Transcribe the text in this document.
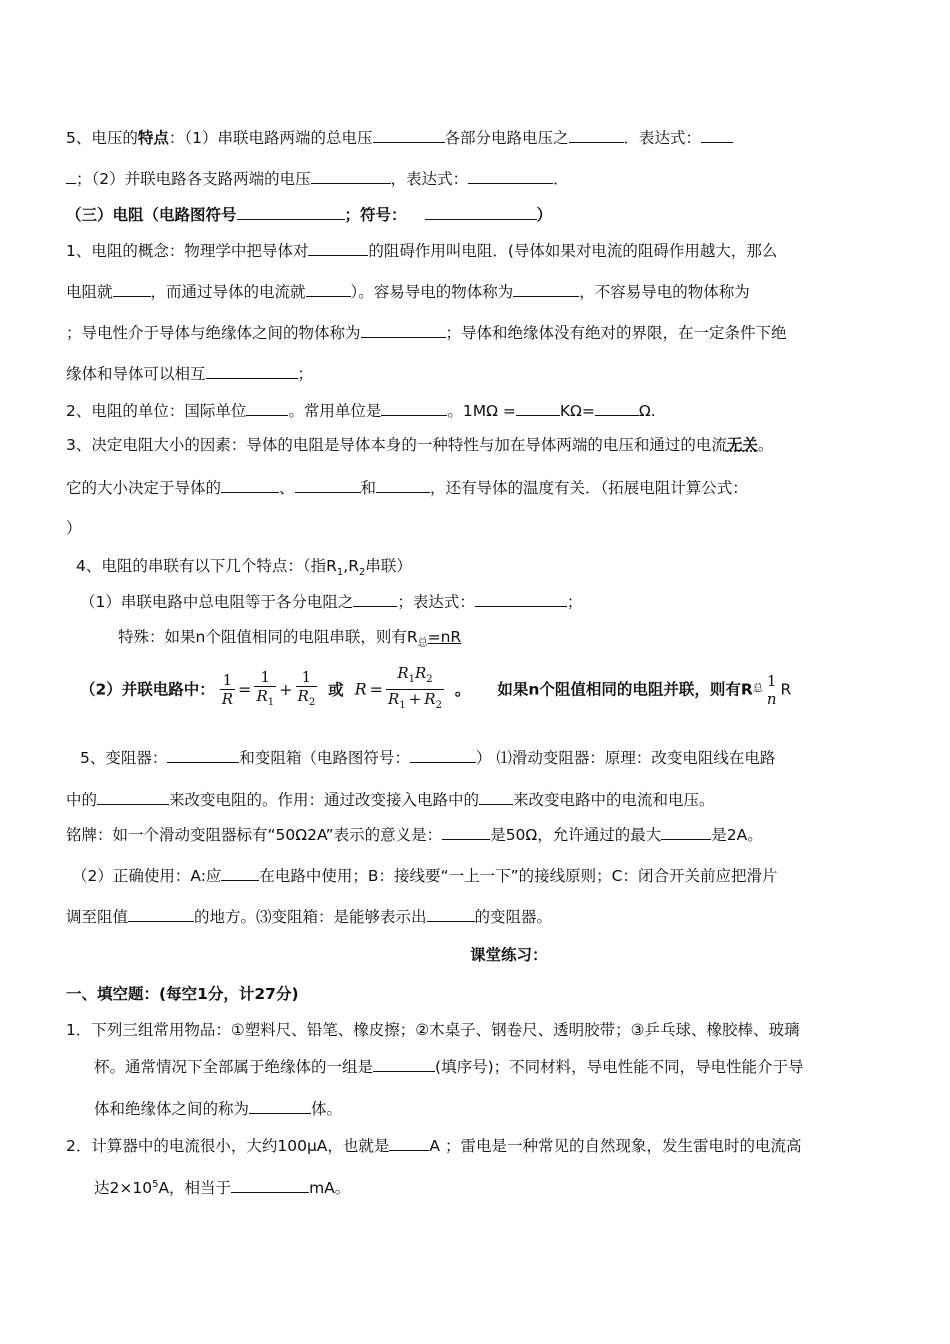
5、电压的特点：（1）串联电路两端的总电压	各部分电路电压之	．表达式：
；（2）并联电路各支路两端的电压	，表达式：	．
（三）电阻（电路图符号	；符号：	）
1、电阻的概念：物理学中把导体对	的阻碍作用叫电阻．(导体如果对电流的阻碍作用越大，那么
电阻就 ，而通过导体的电流就	）。容易导电的物体称为	，不容易导电的物体称为
；导电性介于导体与绝缘体之间的物体称为	；导体和绝缘体没有绝对的界限，在一定条件下绝
缘体和导体可以相互	；
2、电阻的单位：国际单位	。常用单位是	。1MΩ =	KΩ=	Ω.
3、决定电阻大小的因素：导体的电阻是导体本身的一种特性与加在导体两端的电压和通过的电流无关。
它的大小决定于导体的	、	和	，还有导体的温度有关．（拓展电阻计算公式：
）
4、电阻的串联有以下几个特点：（指$R_1,R_2$串联）
（1）串联电路中总电阻等于各分电阻之	；表达式：	；
特殊：如果n个阻值相同的电阻串联，则有$R_总=nR$
（2）并联电路中： $\frac{1}{R} = \frac{1}{R_1} + \frac{1}{R_2}$ 或 $R = \frac{R_1R_2}{R_1 + R_2}$ 。 如果n个阻值相同的电阻并联，则有R总 1
n R
5、变阻器：	和变阻箱（电路图符号：	） ⑴滑动变阻器：原理：改变电阻线在电路
中的	来改变电阻的。作用：通过改变接入电路中的 来改变电路中的电流和电压。
铭牌：如一个滑动变阻器标有“50Ω2A”表示的意义是：	是50Ω，允许通过的最大	是2A。
（2）正确使用：A:应 在电路中使用；B：接线要“一上一下”的接线原则；C：闭合开关前应把滑片
调至阻值	的地方。⑶变阻箱：是能够表示出	的变阻器。
课堂练习：
一、填空题：(每空1分，计27分)
1．下列三组常用物品：①塑料尺、铅笔、橡皮擦；②木桌子、钢卷尺、透明胶带；③乒乓球、橡胶棒、玻璃
杯。通常情况下全部属于绝缘体的一组是	(填序号)；不同材料，导电性能不同，导电性能介于导
体和绝缘体之间的称为	体。
2．计算器中的电流很小，大约100μA，也就是	A ；雷电是一种常见的自然现象，发生雷电时的电流高
达$2\times 10^5A$，相当于	mA。
